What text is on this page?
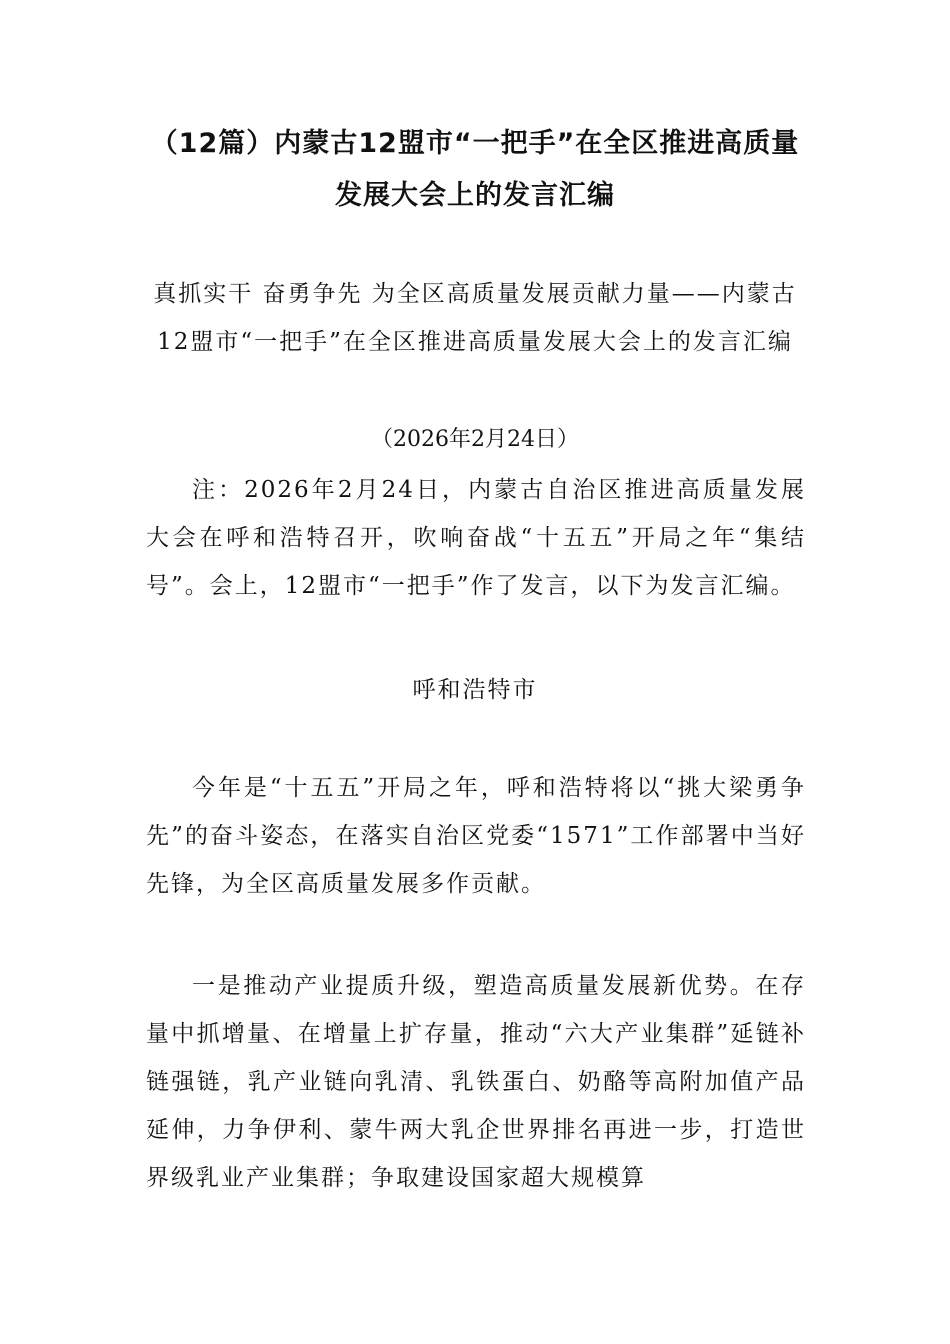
（12篇）内蒙古12盟市“一把手”在全区推进高质量发展大会上的发言汇编

真抓实干 奋勇争先 为全区高质量发展贡献力量——内蒙古12盟市“一把手”在全区推进高质量发展大会上的发言汇编

（2026年2月24日）

注：2026年2月24日，内蒙古自治区推进高质量发展大会在呼和浩特召开，吹响奋战“十五五”开局之年“集结号”。会上，12盟市“一把手”作了发言，以下为发言汇编。

呼和浩特市

今年是“十五五”开局之年，呼和浩特将以“挑大梁勇争先”的奋斗姿态，在落实自治区党委“1571”工作部署中当好先锋，为全区高质量发展多作贡献。

一是推动产业提质升级，塑造高质量发展新优势。在存量中抓增量、在增量上扩存量，推动“六大产业集群”延链补链强链，乳产业链向乳清、乳铁蛋白、奶酪等高附加值产品延伸，力争伊利、蒙牛两大乳企世界排名再进一步，打造世界级乳业产业集群；争取建设国家超大规模算
